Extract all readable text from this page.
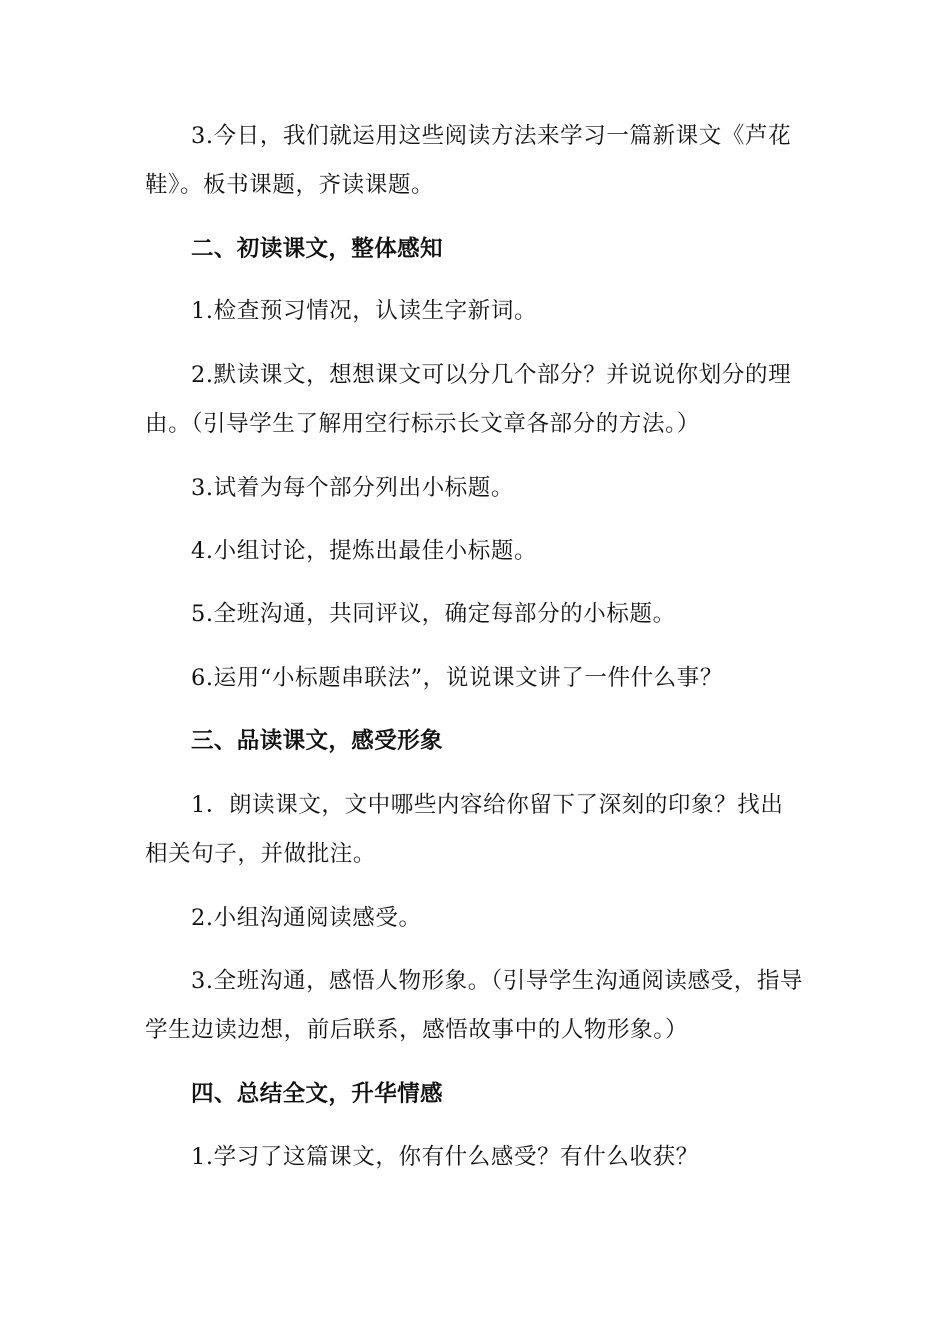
3.今日，我们就运用这些阅读方法来学习一篇新课文《芦花鞋》。板书课题，齐读课题。

二、初读课文，整体感知

1.检查预习情况，认读生字新词。

2.默读课文，想想课文可以分几个部分？并说说你划分的理由。（引导学生了解用空行标示长文章各部分的方法。）

3.试着为每个部分列出小标题。

4.小组讨论，提炼出最佳小标题。

5.全班沟通，共同评议，确定每部分的小标题。

6.运用“小标题串联法”，说说课文讲了一件什么事？

三、品读课文，感受形象

1．朗读课文，文中哪些内容给你留下了深刻的印象？找出相关句子，并做批注。

2.小组沟通阅读感受。

3.全班沟通，感悟人物形象。（引导学生沟通阅读感受，指导学生边读边想，前后联系，感悟故事中的人物形象。）

四、总结全文，升华情感

1.学习了这篇课文，你有什么感受？有什么收获？
